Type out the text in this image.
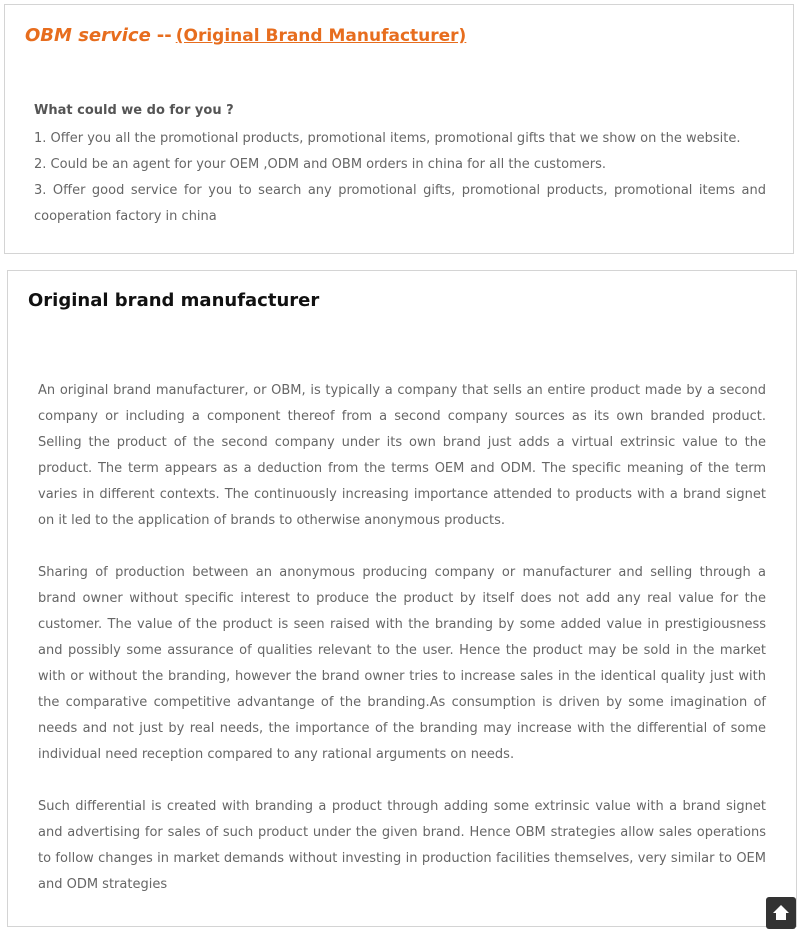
OBM service -- (Original Brand Manufacturer)
What could we do for you ?

1. Offer you all the promotional products, promotional items, promotional gifts that we show on the website.

2. Could be an agent for your OEM ,ODM and OBM orders in china for all the customers.

3. Offer good service for you to search any promotional gifts, promotional products, promotional items and cooperation factory in china

Original brand manufacturer

An original brand manufacturer, or OBM, is typically a company that sells an entire product made by a second company or including a component thereof from a second company sources as its own branded product. Selling the product of the second company under its own brand just adds a virtual extrinsic value to the product. The term appears as a deduction from the terms OEM and ODM. The specific meaning of the term varies in different contexts. The continuously increasing importance attended to products with a brand signet on it led to the application of brands to otherwise anonymous products.

Sharing of production between an anonymous producing company or manufacturer and selling through a brand owner without specific interest to produce the product by itself does not add any real value for the customer. The value of the product is seen raised with the branding by some added value in prestigiousness and possibly some assurance of qualities relevant to the user. Hence the product may be sold in the market with or without the branding, however the brand owner tries to increase sales in the identical quality just with the comparative competitive advantange of the branding.As consumption is driven by some imagination of needs and not just by real needs, the importance of the branding may increase with the differential of some individual need reception compared to any rational arguments on needs.

Such differential is created with branding a product through adding some extrinsic value with a brand signet and advertising for sales of such product under the given brand. Hence OBM strategies allow sales operations to follow changes in market demands without investing in production facilities themselves, very similar to OEM and ODM strategies
